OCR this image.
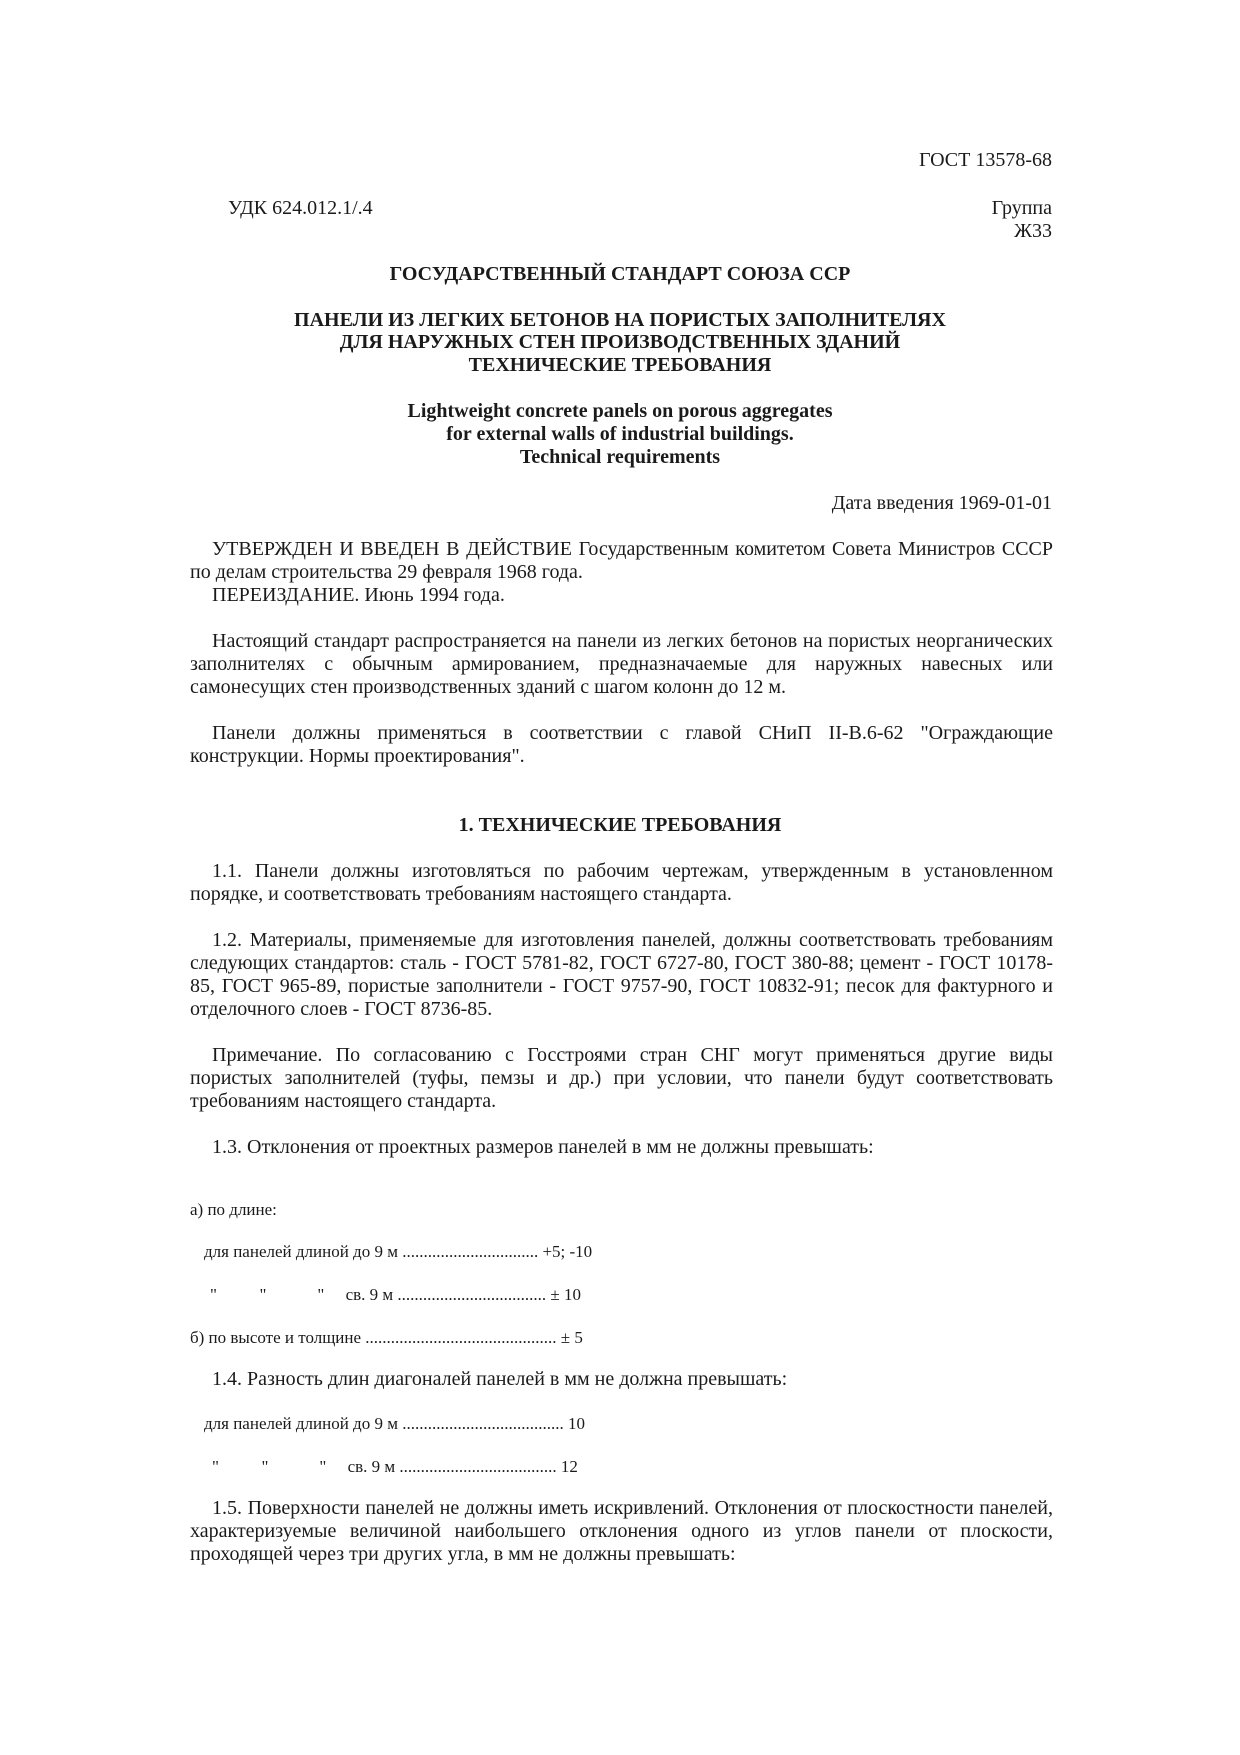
ГОСТ 13578-68
УДК 624.012.1/.4	Группа
Ж33
ГОСУДАРСТВЕННЫЙ СТАНДАРТ СОЮЗА ССР
ПАНЕЛИ ИЗ ЛЕГКИХ БЕТОНОВ НА ПОРИСТЫХ ЗАПОЛНИТЕЛЯХ
ДЛЯ НАРУЖНЫХ СТЕН ПРОИЗВОДСТВЕННЫХ ЗДАНИЙ
ТЕХНИЧЕСКИЕ ТРЕБОВАНИЯ
Lightweight concrete panels on porous aggregates
for external walls of industrial buildings.
Technical requirements
Дата введения 1969-01-01
УТВЕРЖДЕН И ВВЕДЕН В ДЕЙСТВИЕ Государственным комитетом Совета Министров СССР по делам строительства 29 февраля 1968 года.
ПЕРЕИЗДАНИЕ. Июнь 1994 года.
Настоящий стандарт распространяется на панели из легких бетонов на пористых неорганических заполнителях с обычным армированием, предназначаемые для наружных навесных или самонесущих стен производственных зданий с шагом колонн до 12 м.
Панели должны применяться в соответствии с главой СНиП II-В.6-62 "Ограждающие конструкции. Нормы проектирования".
1. ТЕХНИЧЕСКИЕ ТРЕБОВАНИЯ
1.1. Панели должны изготовляться по рабочим чертежам, утвержденным в установленном порядке, и соответствовать требованиям настоящего стандарта.
1.2. Материалы, применяемые для изготовления панелей, должны соответствовать требованиям следующих стандартов: сталь - ГОСТ 5781-82, ГОСТ 6727-80, ГОСТ 380-88; цемент - ГОСТ 10178-85, ГОСТ 965-89, пористые заполнители - ГОСТ 9757-90, ГОСТ 10832-91; песок для фактурного и отделочного слоев - ГОСТ 8736-85.
Примечание. По согласованию с Госстроями стран СНГ могут применяться другие виды пористых заполнителей (туфы, пемзы и др.) при условии, что панели будут соответствовать требованиям настоящего стандарта.
1.3. Отклонения от проектных размеров панелей в мм не должны превышать:
а) по длине:
для панелей длиной до 9 м ................................ +5; -10
"          "            "     св. 9 м ................................... ± 10
б) по высоте и толщине ............................................. ± 5
1.4. Разность длин диагоналей панелей в мм не должна превышать:
для панелей длиной до 9 м ...................................... 10
"          "            "     св. 9 м ..................................... 12
1.5. Поверхности панелей не должны иметь искривлений. Отклонения от плоскостности панелей, характеризуемые величиной наибольшего отклонения одного из углов панели от плоскости, проходящей через три других угла, в мм не должны превышать:
